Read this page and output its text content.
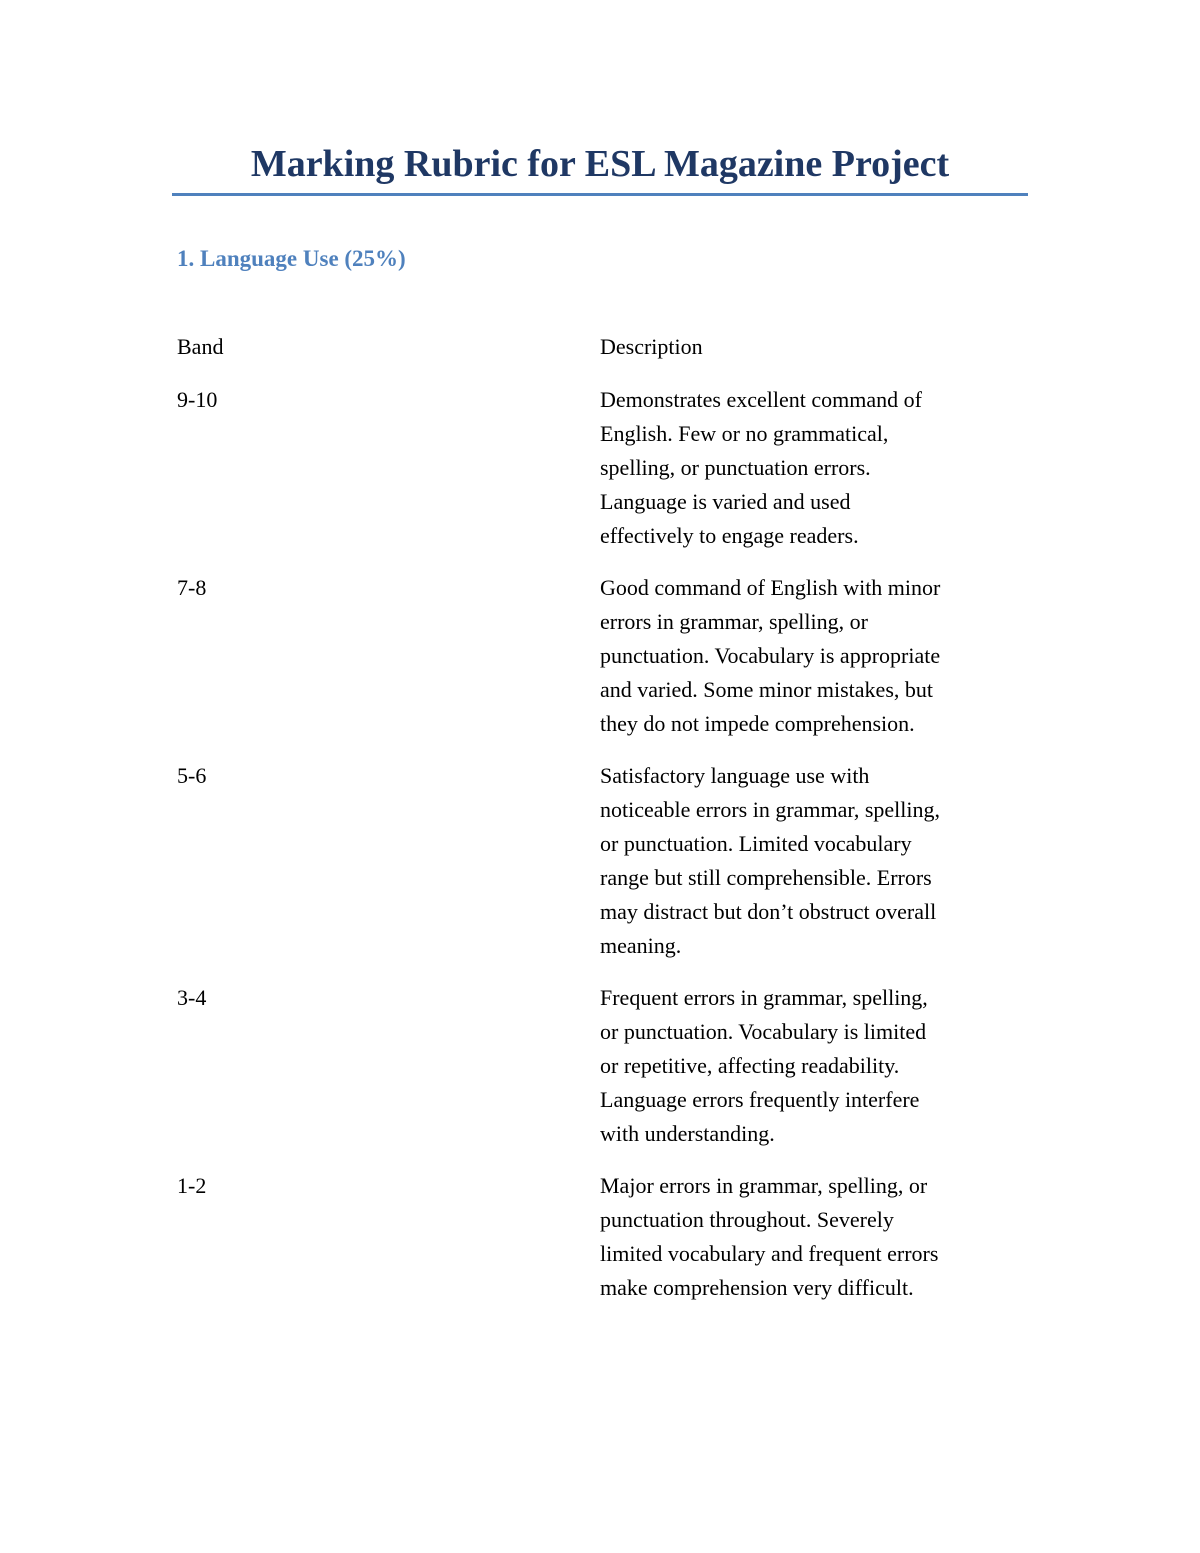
Marking Rubric for ESL Magazine Project
1. Language Use (25%)
Band	Description
9-10	Demonstrates excellent command of
English. Few or no grammatical,
spelling, or punctuation errors.
Language is varied and used
effectively to engage readers.
7-8	Good command of English with minor
errors in grammar, spelling, or
punctuation. Vocabulary is appropriate
and varied. Some minor mistakes, but
they do not impede comprehension.
5-6	Satisfactory language use with
noticeable errors in grammar, spelling,
or punctuation. Limited vocabulary
range but still comprehensible. Errors
may distract but don’t obstruct overall
meaning.
3-4	Frequent errors in grammar, spelling,
or punctuation. Vocabulary is limited
or repetitive, affecting readability.
Language errors frequently interfere
with understanding.
1-2	Major errors in grammar, spelling, or
punctuation throughout. Severely
limited vocabulary and frequent errors
make comprehension very difficult.
